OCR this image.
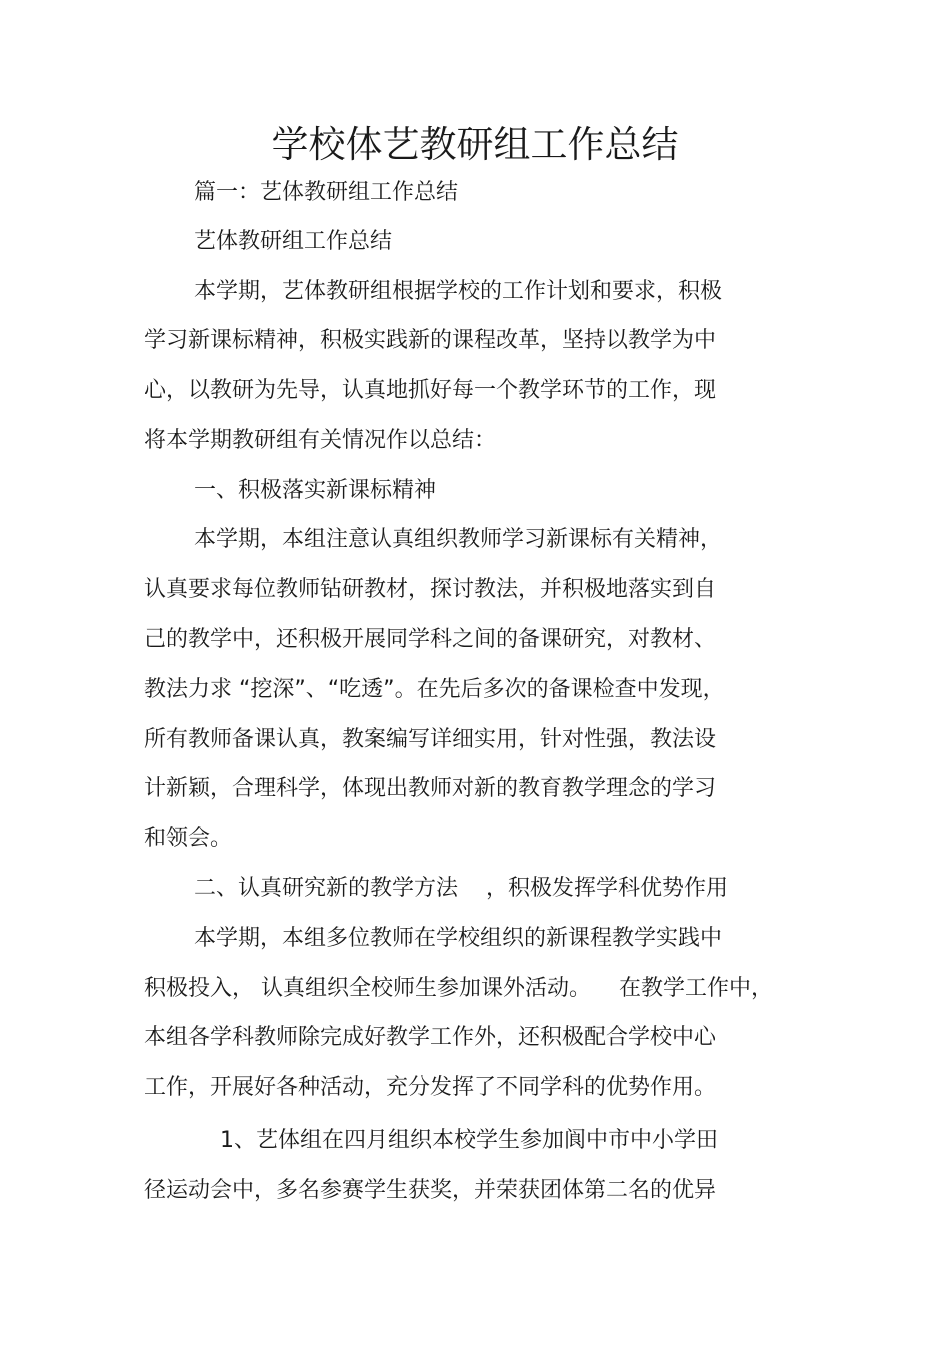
学校体艺教研组工作总结
篇一：艺体教研组工作总结
艺体教研组工作总结
本学期，艺体教研组根据学校的工作计划和要求，积极
学习新课标精神，积极实践新的课程改革，坚持以教学为中
心，以教研为先导，认真地抓好每一个教学环节的工作，现
将本学期教研组有关情况作以总结：
一、积极落实新课标精神
本学期，本组注意认真组织教师学习新课标有关精神，
认真要求每位教师钻研教材，探讨教法，并积极地落实到自
己的教学中，还积极开展同学科之间的备课研究，对教材、
教法力求 “挖深”、“吃透”。在先后多次的备课检查中发现，
所有教师备课认真，教案编写详细实用，针对性强，教法设
计新颖，合理科学，体现出教师对新的教育教学理念的学习
和领会。
二、认真研究新的教学方法    ，积极发挥学科优势作用
本学期，本组多位教师在学校组织的新课程教学实践中
积极投入， 认真组织全校师生参加课外活动。    在教学工作中，
本组各学科教师除完成好教学工作外，还积极配合学校中心
工作，开展好各种活动，充分发挥了不同学科的优势作用。
1、艺体组在四月组织本校学生参加阆中市中小学田
径运动会中，多名参赛学生获奖，并荣获团体第二名的优异
